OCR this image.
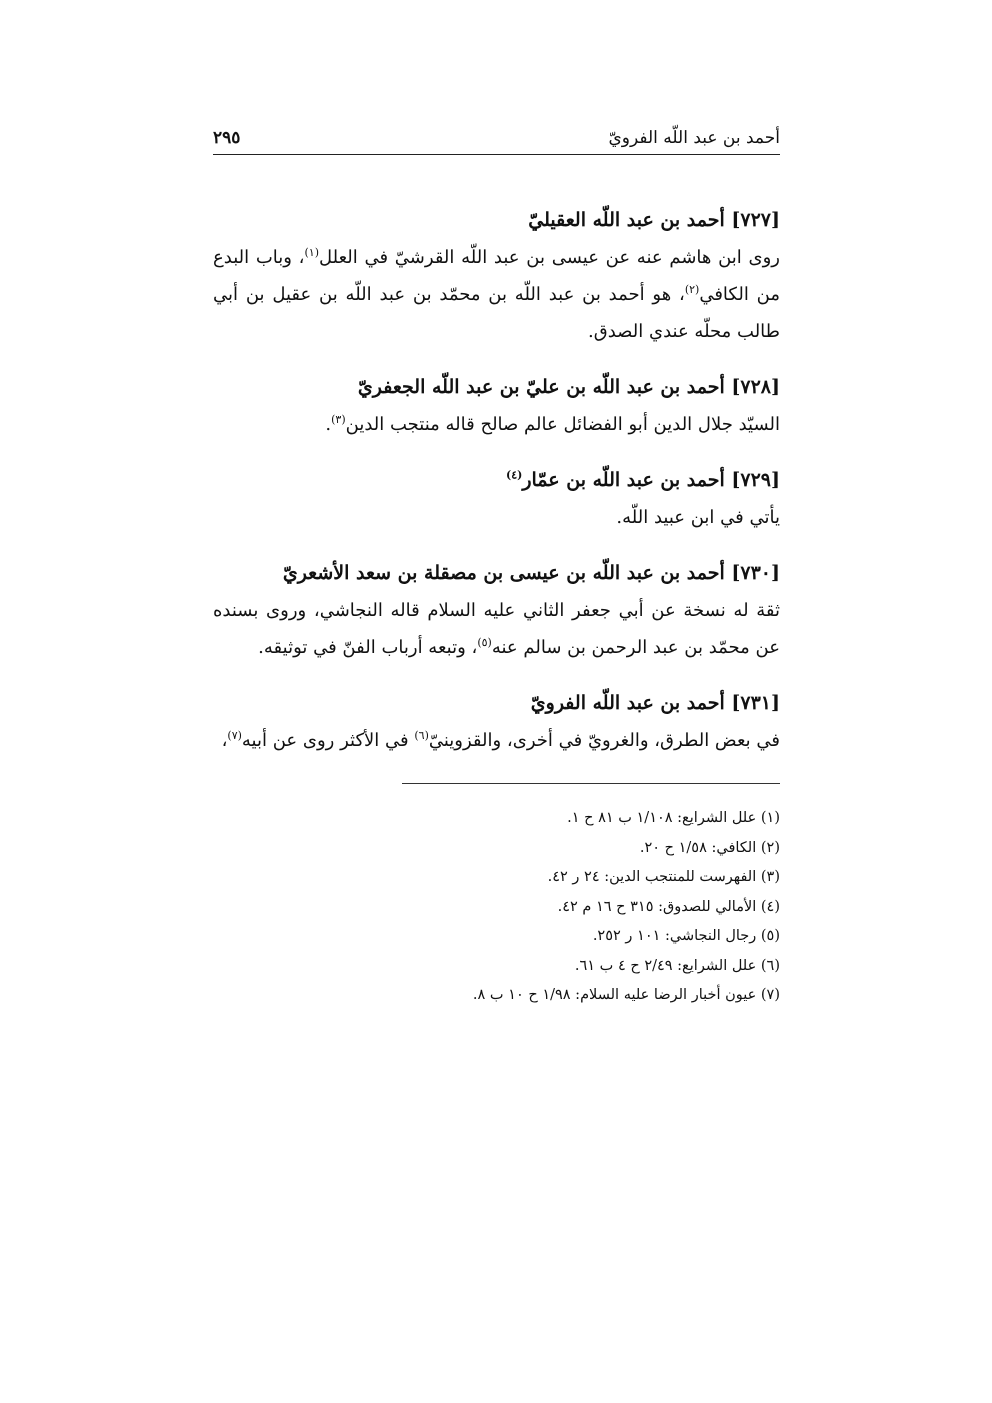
أحمد بن عبد اللّه الفرويّ
٢٩٥

[٧٢٧] أحمد بن عبد اللّه العقيليّ

روى ابن هاشم عنه عن عيسى بن عبد اللّه القرشيّ في العلل$^{(١)}$، وباب البدع من الكافي$^{(٢)}$، هو أحمد بن عبد اللّه بن محمّد بن عبد اللّه بن عقيل بن أبي طالب محلّه عندي الصدق.

[٧٢٨] أحمد بن عبد اللّه بن عليّ بن عبد اللّه الجعفريّ

السيّد جلال الدين أبو الفضائل عالم صالح قاله منتجب الدين$^{(٣)}$.

[٧٢٩] أحمد بن عبد اللّه بن عمّار$^{(٤)}$

يأتي في ابن عبيد اللّه.

[٧٣٠] أحمد بن عبد اللّه بن عيسى بن مصقلة بن سعد الأشعريّ

ثقة له نسخة عن أبي جعفر الثاني عليه السلام قاله النجاشي، وروى بسنده عن محمّد بن عبد الرحمن بن سالم عنه$^{(٥)}$، وتبعه أرباب الفنّ في توثيقه.

[٧٣١] أحمد بن عبد اللّه الفرويّ

في بعض الطرق، والغرويّ في أخرى، والقزوينيّ$^{(٦)}$ في الأكثر روى عن أبيه$^{(٧)}$،

(١) علل الشرايع: ١/١٠٨ ب ٨١ ح ١.

(٢) الكافي: ١/٥٨ ح ٢٠.

(٣) الفهرست للمنتجب الدين: ٢٤ ر ٤٢.

(٤) الأمالي للصدوق: ٣١٥ ح ١٦ م ٤٢.

(٥) رجال النجاشي: ١٠١ ر ٢٥٢.

(٦) علل الشرايع: ٢/٤٩ ح ٤ ب ٦١.

(٧) عيون أخبار الرضا عليه السلام: ١/٩٨ ح ١٠ ب ٨.
